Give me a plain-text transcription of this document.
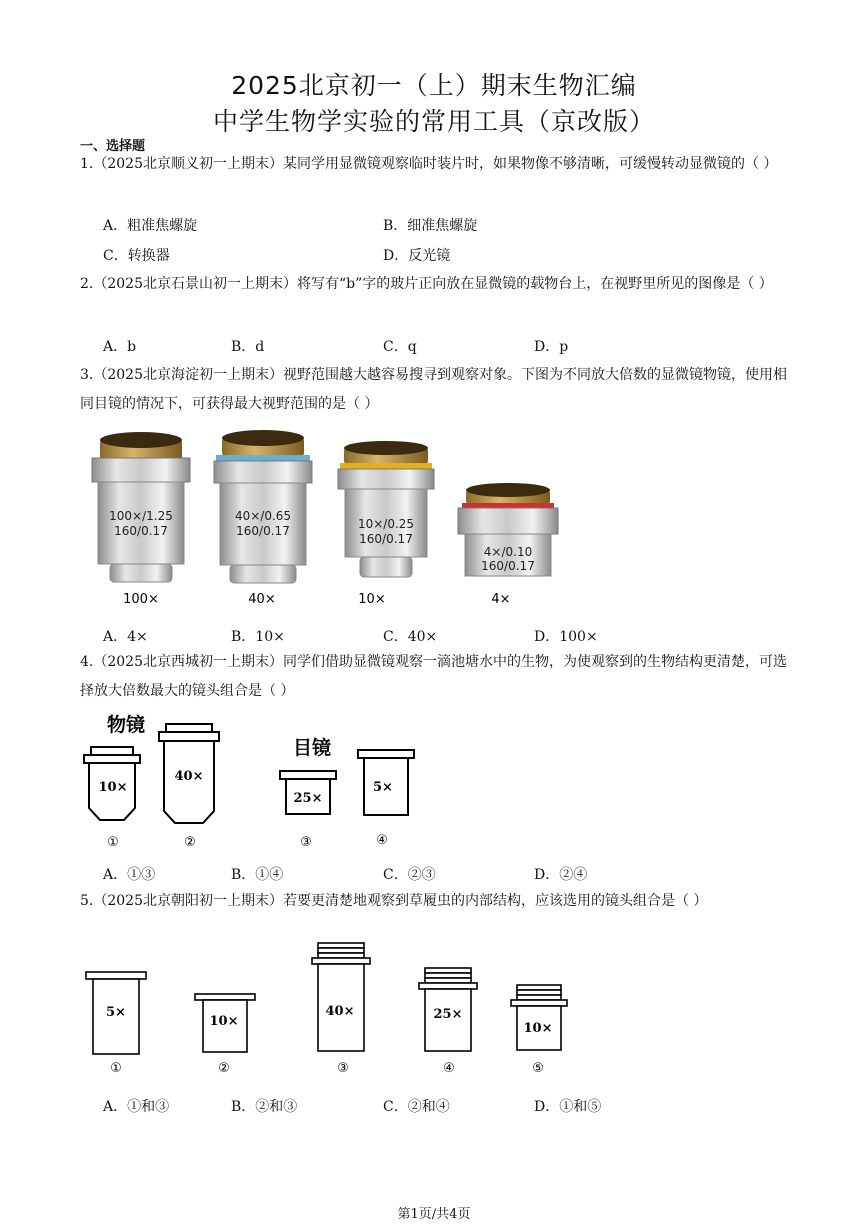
2025北京初一（上）期末生物汇编
中学生物学实验的常用工具（京改版）
一、选择题

1.（2025北京顺义初一上期末）某同学用显微镜观察临时装片时，如果物像不够清晰，可缓慢转动显微镜的（ ）

A．粗准焦螺旋	B．细准焦螺旋
C．转换器	D．反光镜

2.（2025北京石景山初一上期末）将写有“b”字的玻片正向放在显微镜的载物台上，在视野里所见的图像是（ ）

A．b	B．d	C．q	D．p

3.（2025北京海淀初一上期末）视野范围越大越容易搜寻到观察对象。下图为不同放大倍数的显微镜物镜，使用相同目镜的情况下，可获得最大视野范围的是（ ）

100×/1.25
160/0.17
40×/0.65
160/0.17	10×/0.25
160/0.17
4×/0.10
160/0.17
100×	40×	10×	4×
物镜
目镜
10×
40×
25×
5×
①	②	③	④
5×
10×
40×	25×
10×
①	②	③	④	⑤
A．4×	B．10×	C．40×	D．100×

4.（2025北京西城初一上期末）同学们借助显微镜观察一滴池塘水中的生物，为使观察到的生物结构更清楚，可选择放大倍数最大的镜头组合是（ ）

A．①③	B．①④	C．②③	D．②④

5.（2025北京朝阳初一上期末）若要更清楚地观察到草履虫的内部结构，应该选用的镜头组合是（ ）

A．①和③	B．②和③	C．②和④	D．①和⑤
第1页/共4页
